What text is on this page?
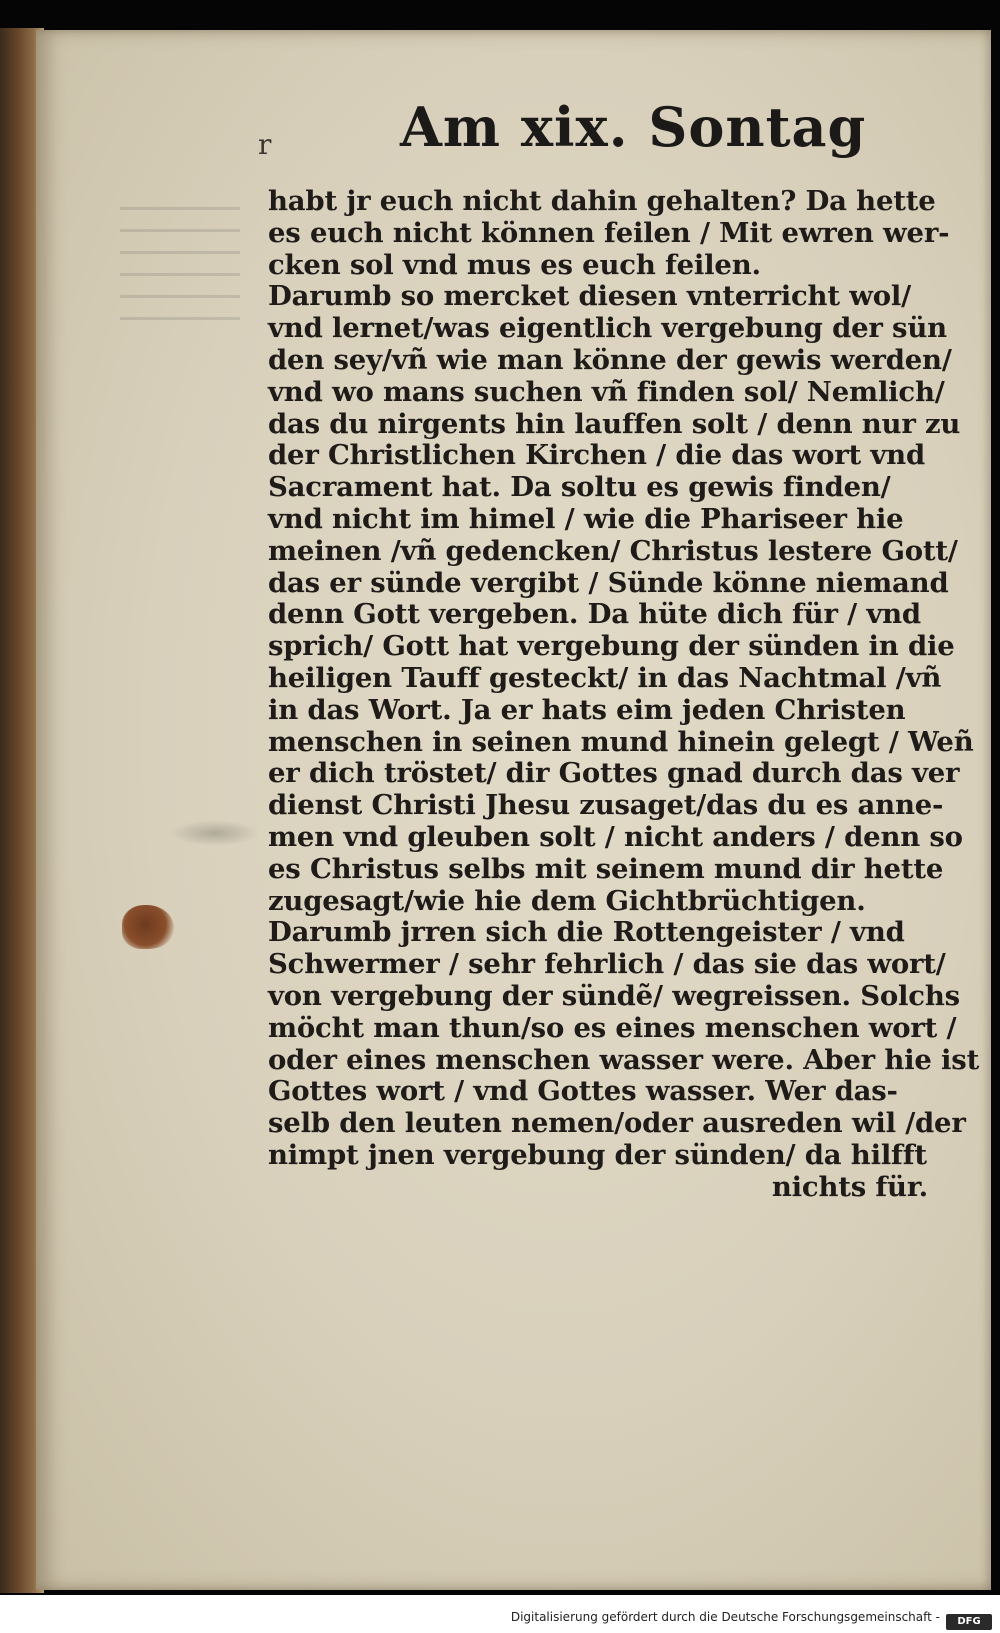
r Am xix. Sontag
habt jr euch nicht dahin gehalten? Da hette
es euch nicht können feilen / Mit ewren wer-
cken sol vnd mus es euch feilen.
Darumb so mercket diesen vnterricht wol/
vnd lernet/was eigentlich vergebung der sün
den sey/vñ wie man könne der gewis werden/
vnd wo mans suchen vñ finden sol/ Nemlich/
das du nirgents hin lauffen solt / denn nur zu
der Christlichen Kirchen / die das wort vnd
Sacrament hat. Da soltu es gewis finden/
vnd nicht im himel / wie die Phariseer hie
meinen /vñ gedencken/ Christus lestere Gott/
das er sünde vergibt / Sünde könne niemand
denn Gott vergeben. Da hüte dich für / vnd
sprich/ Gott hat vergebung der sünden in die
heiligen Tauff gesteckt/ in das Nachtmal /vñ
in das Wort. Ja er hats eim jeden Christen
menschen in seinen mund hinein gelegt / Weñ
er dich tröstet/ dir Gottes gnad durch das ver
dienst Christi Jhesu zusaget/das du es anne-
men vnd gleuben solt / nicht anders / denn so
es Christus selbs mit seinem mund dir hette
zugesagt/wie hie dem Gichtbrüchtigen.
Darumb jrren sich die Rottengeister / vnd
Schwermer / sehr fehrlich / das sie das wort/
von vergebung der sündẽ/ wegreissen. Solchs
möcht man thun/so es eines menschen wort /
oder eines menschen wasser were. Aber hie ist
Gottes wort / vnd Gottes wasser. Wer das-
selb den leuten nemen/oder ausreden wil /der
nimpt jnen vergebung der sünden/ da hilfft
nichts für.
Digitalisierung gefördert durch die Deutsche Forschungsgemeinschaft -	DFG
